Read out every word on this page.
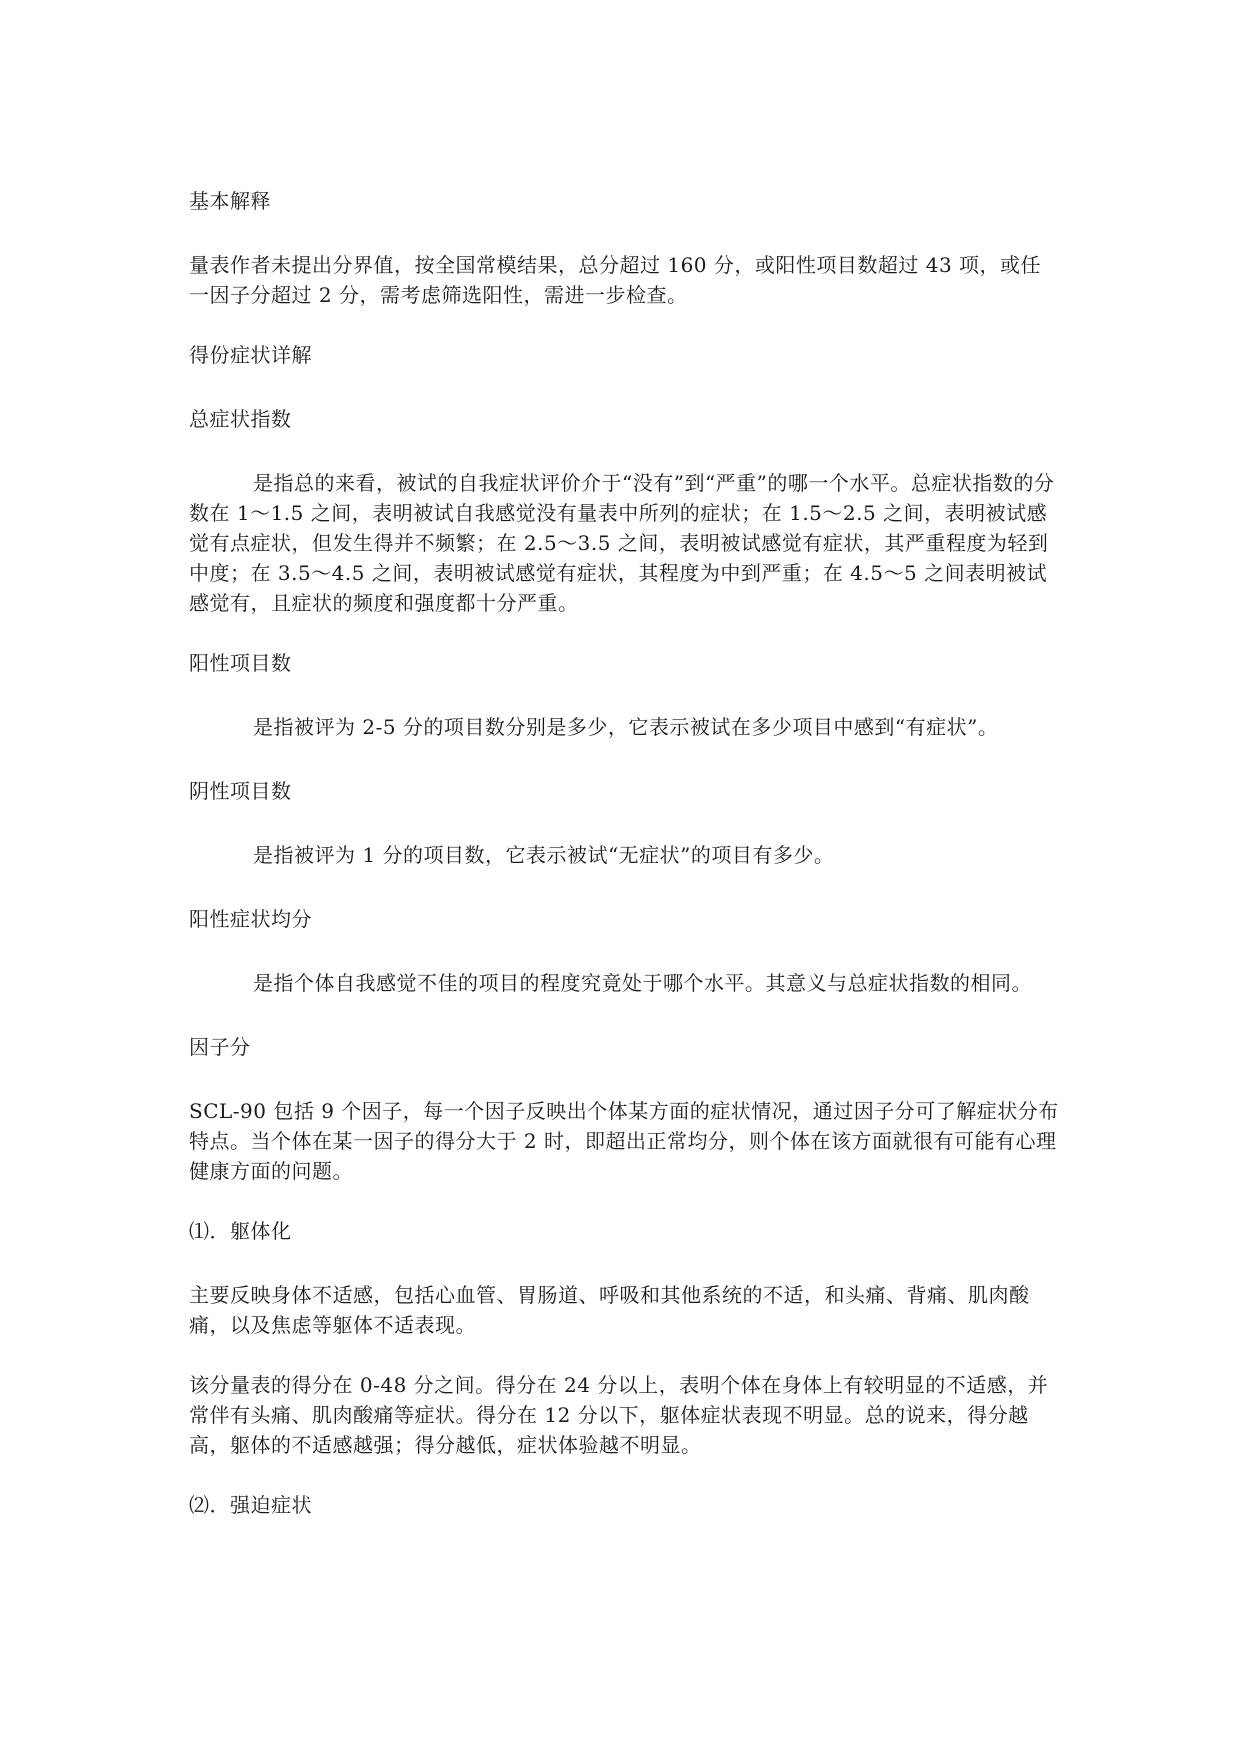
基本解释

量表作者未提出分界值，按全国常模结果，总分超过 160 分，或阳性项目数超过 43 项，或任一因子分超过 2 分，需考虑筛选阳性，需进一步检查。

得份症状详解

总症状指数

是指总的来看，被试的自我症状评价介于“没有”到“严重”的哪一个水平。总症状指数的分数在 1～1.5 之间，表明被试自我感觉没有量表中所列的症状；在 1.5～2.5 之间，表明被试感觉有点症状，但发生得并不频繁；在 2.5～3.5 之间，表明被试感觉有症状，其严重程度为轻到中度；在 3.5～4.5 之间，表明被试感觉有症状，其程度为中到严重；在 4.5～5 之间表明被试感觉有，且症状的频度和强度都十分严重。

阳性项目数

是指被评为 2-5 分的项目数分别是多少，它表示被试在多少项目中感到“有症状”。

阴性项目数

是指被评为 1 分的项目数，它表示被试“无症状”的项目有多少。

阳性症状均分

是指个体自我感觉不佳的项目的程度究竟处于哪个水平。其意义与总症状指数的相同。

因子分

SCL-90 包括 9 个因子，每一个因子反映出个体某方面的症状情况，通过因子分可了解症状分布特点。当个体在某一因子的得分大于 2 时，即超出正常均分，则个体在该方面就很有可能有心理健康方面的问题。

⑴．躯体化

主要反映身体不适感，包括心血管、胃肠道、呼吸和其他系统的不适，和头痛、背痛、肌肉酸痛，以及焦虑等躯体不适表现。

该分量表的得分在 0-48 分之间。得分在 24 分以上，表明个体在身体上有较明显的不适感，并常伴有头痛、肌肉酸痛等症状。得分在 12 分以下，躯体症状表现不明显。总的说来，得分越高，躯体的不适感越强；得分越低，症状体验越不明显。

⑵．强迫症状
